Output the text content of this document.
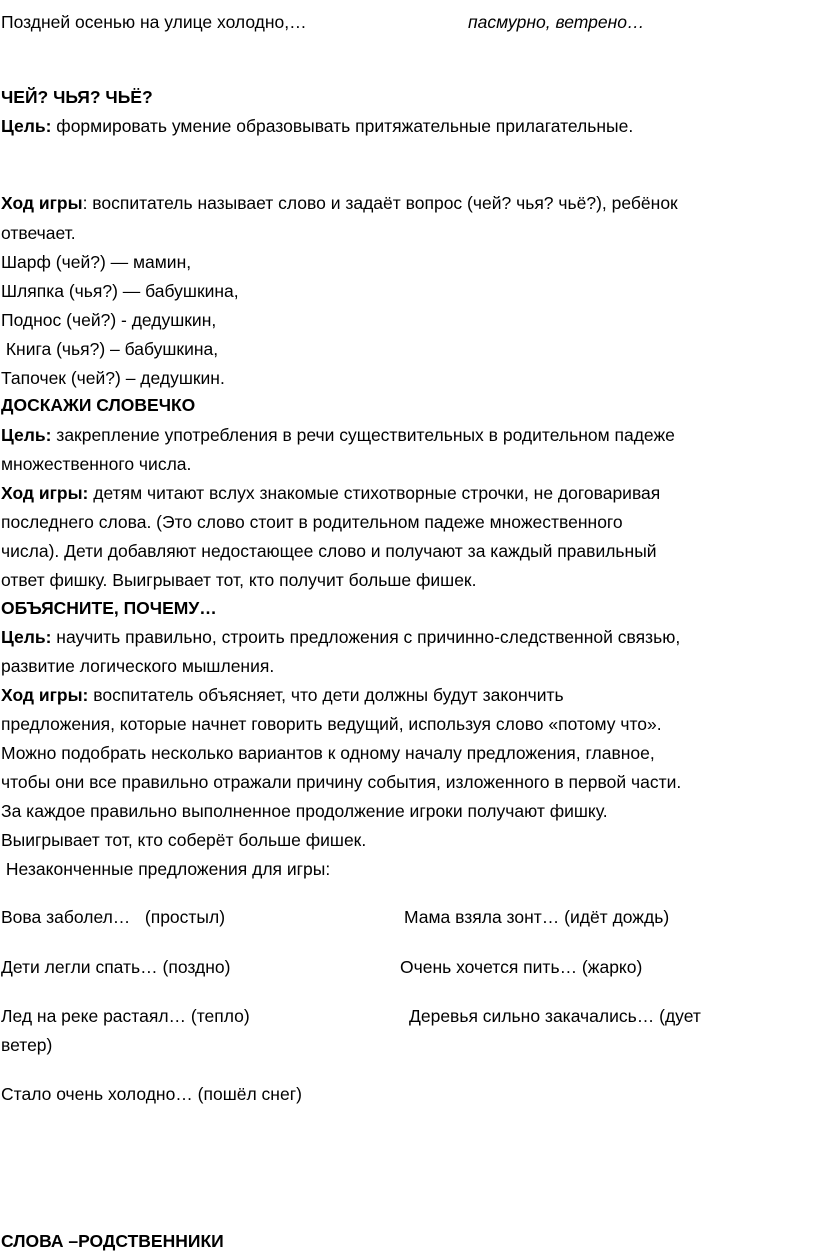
Поздней осенью на улице холодно,…	пасмурно, ветрено…
ЧЕЙ? ЧЬЯ? ЧЬЁ?
Цель: формировать умение образовывать притяжательные прилагательные.
Ход игры: воспитатель называет слово и задаёт вопрос (чей? чья? чьё?), ребёнок
отвечает.
Шарф (чей?) — мамин,
Шляпка (чья?) — бабушкина,
Поднос (чей?) - дедушкин,
Книга (чья?) – бабушкина,
Тапочек (чей?) – дедушкин.
ДОСКАЖИ СЛОВЕЧКО
Цель: закрепление употребления в речи существительных в родительном падеже
множественного числа.
Ход игры: детям читают вслух знакомые стихотворные строчки, не договаривая
последнего слова. (Это слово стоит в родительном падеже множественного
числа). Дети добавляют недостающее слово и получают за каждый правильный
ответ фишку. Выигрывает тот, кто получит больше фишек.
ОБЪЯСНИТЕ, ПОЧЕМУ…
Цель: научить правильно, строить предложения с причинно-следственной связью,
развитие логического мышления.
Ход игры: воспитатель объясняет, что дети должны будут закончить
предложения, которые начнет говорить ведущий, используя слово «потому что».
Можно подобрать несколько вариантов к одному началу предложения, главное,
чтобы они все правильно отражали причину события, изложенного в первой части.
За каждое правильно выполненное продолжение игроки получают фишку.
Выигрывает тот, кто соберёт больше фишек.
Незаконченные предложения для игры:
Вова заболел…   (простыл)	Мама взяла зонт… (идёт дождь)
Дети легли спать… (поздно)	Очень хочется пить… (жарко)
Лед на реке растаял… (тепло)	Деревья сильно закачались… (дует
ветер)
Стало очень холодно… (пошёл снег)
СЛОВА –РОДСТВЕННИКИ
